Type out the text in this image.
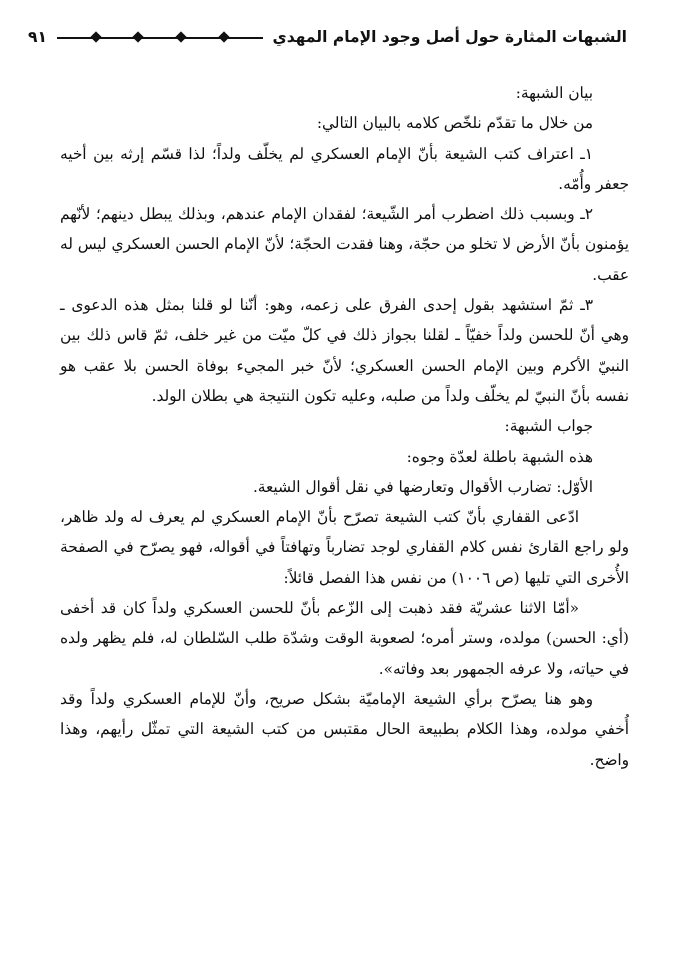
الشبهات المثارة حول أصل وجود الإمام المهدي
٩١

بيان الشبهة:

من خلال ما تقدّم نلخّص كلامه بالبيان التالي:

١ـ اعتراف كتب الشيعة بأنّ الإمام العسكري لم يخلّف ولداً؛ لذا قسّم إرثه بين أخيه جعفر وأُمّه.

٢ـ وبسبب ذلك اضطرب أمر الشّيعة؛ لفقدان الإمام عندهم، وبذلك يبطل دينهم؛ لأنّهم يؤمنون بأنّ الأرض لا تخلو من حجّة، وهنا فقدت الحجّة؛ لأنّ الإمام الحسن العسكري ليس له عقب.

٣ـ ثمّ استشهد بقول إحدى الفرق على زعمه، وهو: أنّنا لو قلنا بمثل هذه الدعوى ـ وهي أنّ للحسن ولداً خفيّاً ـ لقلنا بجواز ذلك في كلّ ميّت من غير خلف، ثمّ قاس ذلك بين النبيّ الأكرم وبين الإمام الحسن العسكري؛ لأنّ خبر المجيء بوفاة الحسن بلا عقب هو نفسه بأنّ النبيّ لم يخلّف ولداً من صلبه، وعليه تكون النتيجة هي بطلان الولد.

جواب الشبهة:

هذه الشبهة باطلة لعدّة وجوه:

الأوّل: تضارب الأقوال وتعارضها في نقل أقوال الشيعة.

ادّعى القفاري بأنّ كتب الشيعة تصرّح بأنّ الإمام العسكري لم يعرف له ولد ظاهر، ولو راجع القارئ نفس كلام القفاري لوجد تضارباً وتهافتاً في أقواله، فهو يصرّح في الصفحة الأُخرى التي تليها (ص ١٠٠٦) من نفس هذا الفصل قائلاً:

«أمّا الاثنا عشريّة فقد ذهبت إلى الزّعم بأنّ للحسن العسكري ولداً كان قد أخفى (أي: الحسن) مولده، وستر أمره؛ لصعوبة الوقت وشدّة طلب السّلطان له، فلم يظهر ولده في حياته، ولا عرفه الجمهور بعد وفاته».

وهو هنا يصرّح برأي الشيعة الإماميّة بشكل صريح، وأنّ للإمام العسكري ولداً وقد أُخفي مولده، وهذا الكلام بطبيعة الحال مقتبس من كتب الشيعة التي تمثّل رأيهم، وهذا واضح.
